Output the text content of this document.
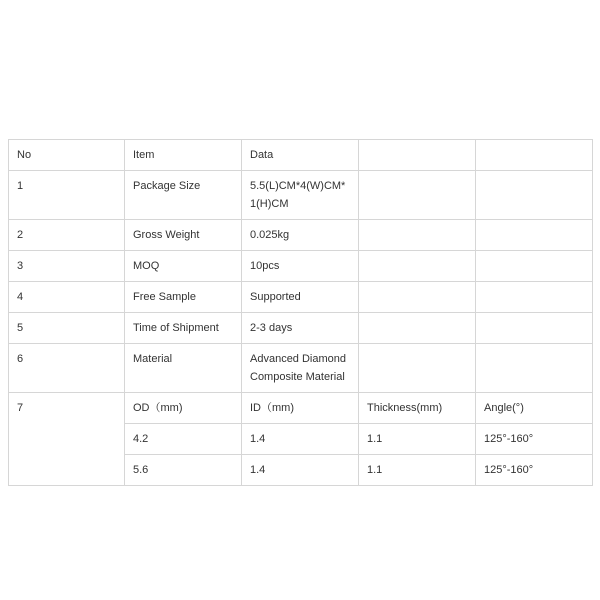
No	Item	Data		
1	Package Size	5.5(L)CM*4(W)CM*1(H)CM		
2	Gross Weight	0.025kg		
3	MOQ	10pcs		
4	Free Sample	Supported		
5	Time of Shipment	2-3 days		
6	Material	Advanced Diamond Composite Material		
7	OD（mm)	ID（mm)	Thickness(mm)	Angle(°)
	4.2	1.4	1.1	125°-160°
	5.6	1.4	1.1	125°-160°
